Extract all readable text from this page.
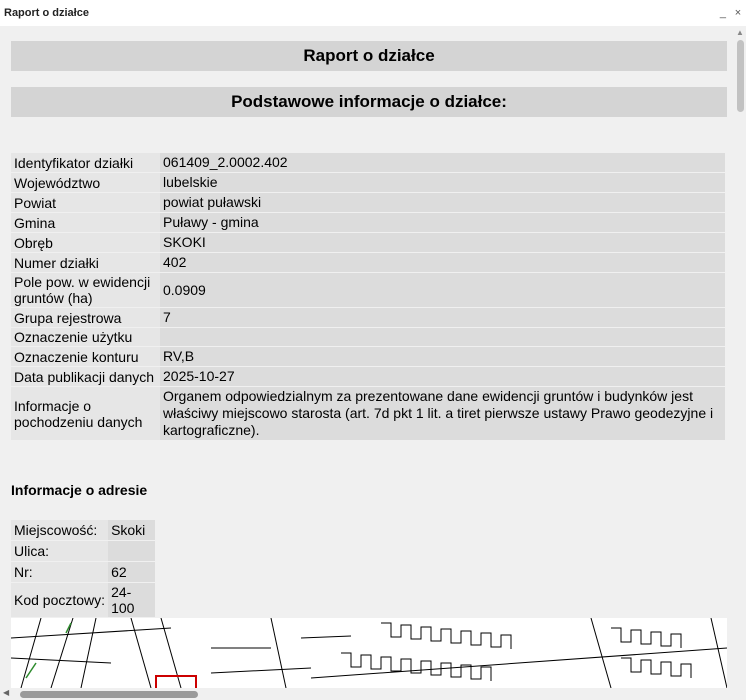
Raport o działce	_ ×
Raport o działce
Podstawowe informacje o działce:
Identyfikator działki	061409_2.0002.402
Województwo	lubelskie
Powiat	powiat puławski
Gmina	Puławy - gmina
Obręb	SKOKI
Numer działki	402
Pole pow. w ewidencji gruntów (ha)	0.0909
Grupa rejestrowa	7
Oznaczenie użytku	
Oznaczenie konturu	RV,B
Data publikacji danych	2025-10-27
Informacje o pochodzeniu danych	Organem odpowiedzialnym za prezentowane dane ewidencji gruntów i budynków jest właściwy miejscowo starosta (art. 7d pkt 1 lit. a tiret pierwsze ustawy Prawo geodezyjne i kartograficzne).
Informacje o adresie
Miejscowość:	Skoki
Ulica:	
Nr:	62
Kod pocztowy:	24-100
▲
◀
